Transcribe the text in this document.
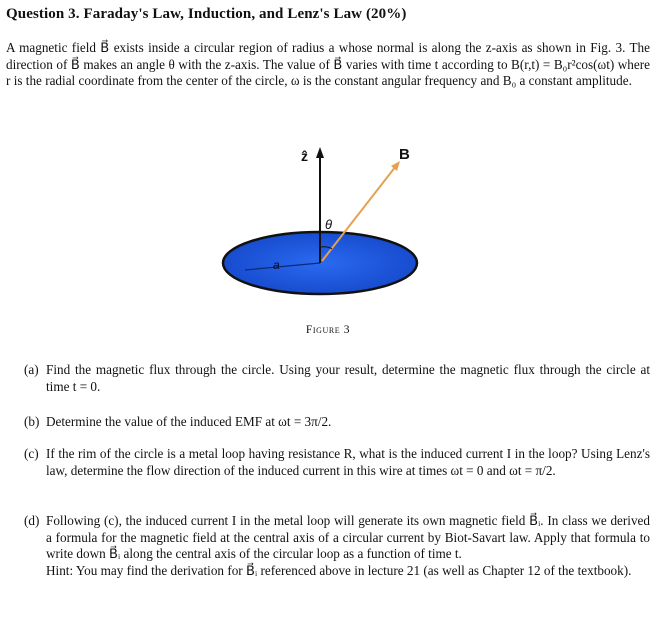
Question 3. Faraday's Law, Induction, and Lenz's Law (20%)
A magnetic field B⃗ exists inside a circular region of radius a whose normal is along the z-axis as shown in Fig. 3. The direction of B⃗ makes an angle θ with the z-axis. The value of B⃗ varies with time t according to B(r,t) = B₀r²cos(ωt) where r is the radial coordinate from the center of the circle, ω is the constant angular frequency and B₀ a constant amplitude.
a
ẑ	B
θ
Figure 3
(a) Find the magnetic flux through the circle. Using your result, determine the magnetic flux through the circle at time t = 0.
(b) Determine the value of the induced EMF at ωt = 3π/2.
(c) If the rim of the circle is a metal loop having resistance R, what is the induced current I in the loop? Using Lenz's law, determine the flow direction of the induced current in this wire at times ωt = 0 and ωt = π/2.
(d) Following (c), the induced current I in the metal loop will generate its own magnetic field B⃗ᵢ. In class we derived a formula for the magnetic field at the central axis of a circular current by Biot-Savart law. Apply that formula to write down B⃗ᵢ along the central axis of the circular loop as a function of time t.
Hint: You may find the derivation for B⃗ᵢ referenced above in lecture 21 (as well as Chapter 12 of the textbook).
